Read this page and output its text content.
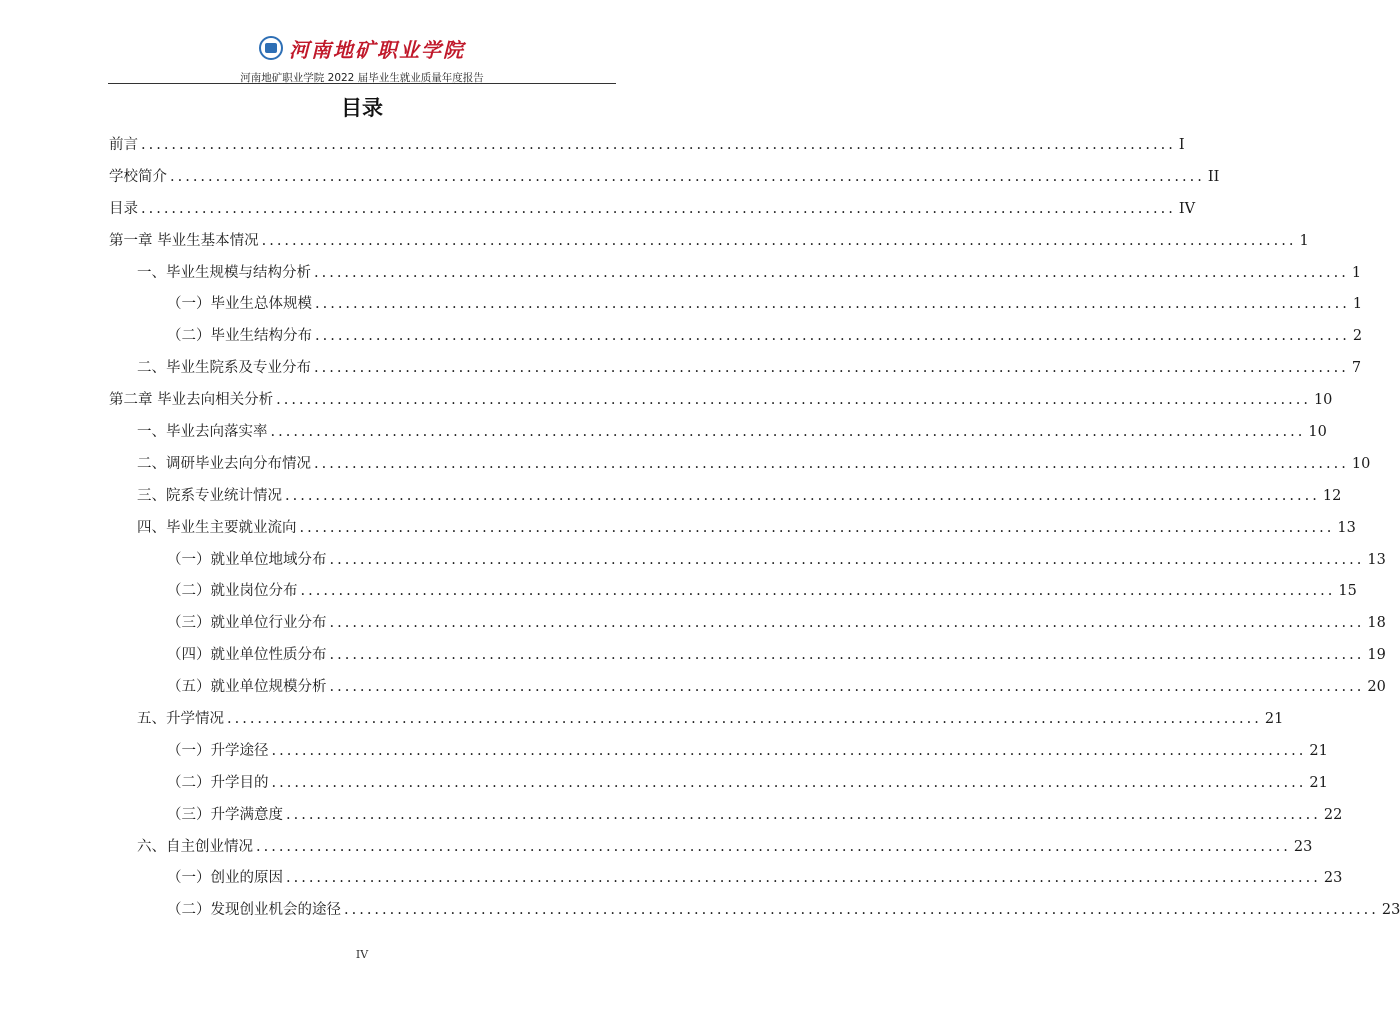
河南地矿职业学院
河南地矿职业学院 2022 届毕业生就业质量年度报告
目录
前言 ........................................................................................................................................ I
学校简介 ........................................................................................................................................ II
目录 ........................................................................................................................................ IV
第一章 毕业生基本情况 ........................................................................................................................................ 1
一、毕业生规模与结构分析 ........................................................................................................................................ 1
（一）毕业生总体规模 ........................................................................................................................................ 1
（二）毕业生结构分布 ........................................................................................................................................ 2
二、毕业生院系及专业分布 ........................................................................................................................................ 7
第二章 毕业去向相关分析 ........................................................................................................................................ 10
一、毕业去向落实率 ........................................................................................................................................ 10
二、调研毕业去向分布情况 ........................................................................................................................................ 10
三、院系专业统计情况 ........................................................................................................................................ 12
四、毕业生主要就业流向 ........................................................................................................................................ 13
（一）就业单位地域分布 ........................................................................................................................................ 13
（二）就业岗位分布 ........................................................................................................................................ 15
（三）就业单位行业分布 ........................................................................................................................................ 18
（四）就业单位性质分布 ........................................................................................................................................ 19
（五）就业单位规模分析 ........................................................................................................................................ 20
五、升学情况 ........................................................................................................................................ 21
（一）升学途径 ........................................................................................................................................ 21
（二）升学目的 ........................................................................................................................................ 21
（三）升学满意度 ........................................................................................................................................ 22
六、自主创业情况 ........................................................................................................................................ 23
（一）创业的原因 ........................................................................................................................................ 23
（二）发现创业机会的途径 ........................................................................................................................................ 23
IV
